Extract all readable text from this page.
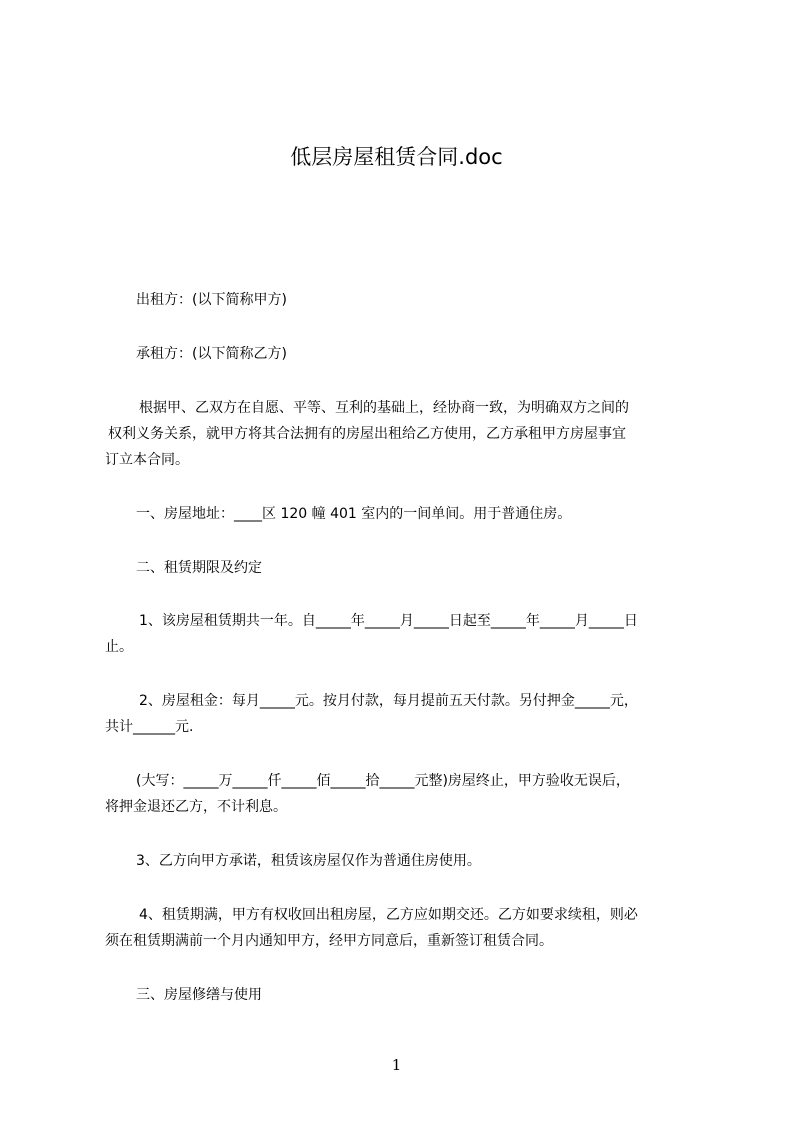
低层房屋租赁合同.doc
出租方：(以下简称甲方)
承租方：(以下简称乙方)
根据甲、乙双方在自愿、平等、互利的基础上，经协商一致，为明确双方之间的
权利义务关系，就甲方将其合法拥有的房屋出租给乙方使用，乙方承租甲方房屋事宜
订立本合同。
一、房屋地址：____区 120 幢 401 室内的一间单间。用于普通住房。
二、租赁期限及约定
1、该房屋租赁期共一年。自_____年_____月_____日起至_____年_____月_____日
止。
2、房屋租金：每月_____元。按月付款，每月提前五天付款。另付押金_____元，
共计______元.
(大写：_____万_____仟_____佰_____拾_____元整)房屋终止，甲方验收无误后，
将押金退还乙方，不计利息。
3、乙方向甲方承诺，租赁该房屋仅作为普通住房使用。
4、租赁期满，甲方有权收回出租房屋，乙方应如期交还。乙方如要求续租，则必
须在租赁期满前一个月内通知甲方，经甲方同意后，重新签订租赁合同。
三、房屋修缮与使用
1
